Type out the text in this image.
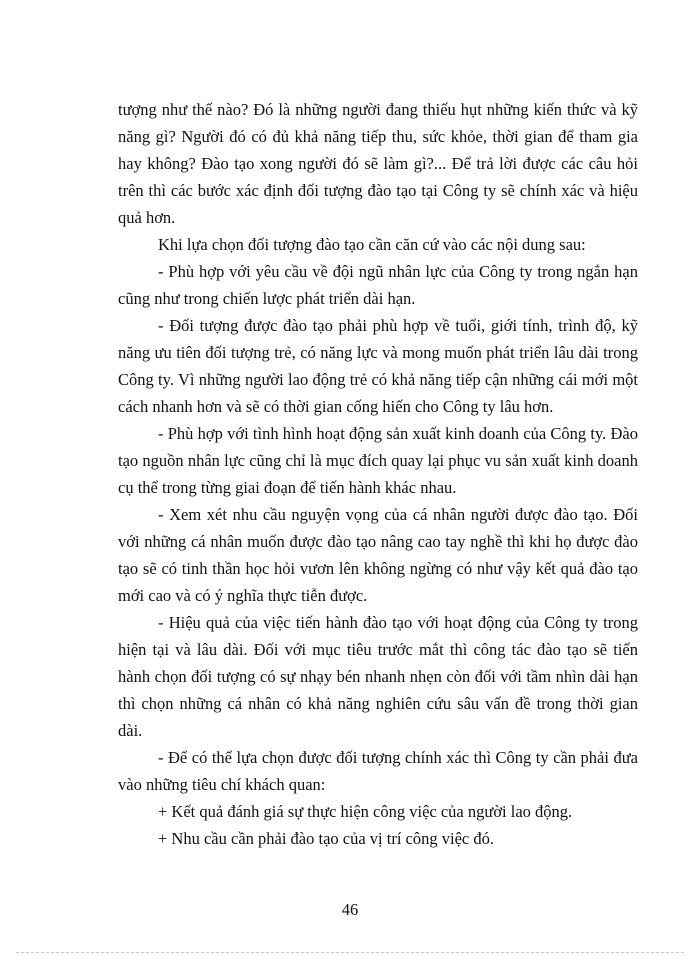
tượng như thế nào? Đó là những người đang thiếu hụt những kiến thức và kỹ năng gì? Người đó có đủ khả năng tiếp thu, sức khỏe, thời gian để tham gia hay không? Đào tạo xong người đó sẽ làm gì?... Để trả lời được các câu hỏi trên thì các bước xác định đối tượng đào tạo tại Công ty sẽ chính xác và hiệu quả hơn.

Khi lựa chọn đối tượng đào tạo cần căn cứ vào các nội dung sau:

- Phù hợp với yêu cầu về đội ngũ nhân lực của Công ty trong ngắn hạn cũng như trong chiến lược phát triển dài hạn.

- Đối tượng được đào tạo phải phù hợp về tuổi, giới tính, trình độ, kỹ năng ưu tiên đối tượng trẻ, có năng lực và mong muốn phát triển lâu dài trong Công ty. Vì những người lao động trẻ có khả năng tiếp cận những cái mới một cách nhanh hơn và sẽ có thời gian cống hiến cho Công ty lâu hơn.

- Phù hợp với tình hình hoạt động sản xuất kinh doanh của Công ty. Đào tạo nguồn nhân lực cũng chỉ là mục đích quay lại phục vu sản xuất kinh doanh cụ thể trong từng giai đoạn để tiến hành khác nhau.

- Xem xét nhu cầu nguyện vọng của cá nhân người được đào tạo. Đối với những cá nhân muốn được đào tạo nâng cao tay nghề thì khi họ được đào tạo sẽ có tinh thần học hỏi vươn lên không ngừng có như vậy kết quả đào tạo mới cao và có ý nghĩa thực tiễn được.

- Hiệu quả của việc tiến hành đào tạo với hoạt động của Công ty trong hiện tại và lâu dài. Đối với mục tiêu trước mắt thì công tác đào tạo sẽ tiến hành chọn đối tượng có sự nhạy bén nhanh nhẹn còn đối với tầm nhìn dài hạn thì chọn những cá nhân có khả năng nghiên cứu sâu vấn đề trong thời gian dài.

- Để có thể lựa chọn được đối tượng chính xác thì Công ty cần phải đưa vào những tiêu chí khách quan:

+ Kết quả đánh giá sự thực hiện công việc của người lao động.

+ Nhu cầu cần phải đào tạo của vị trí công việc đó.

46
